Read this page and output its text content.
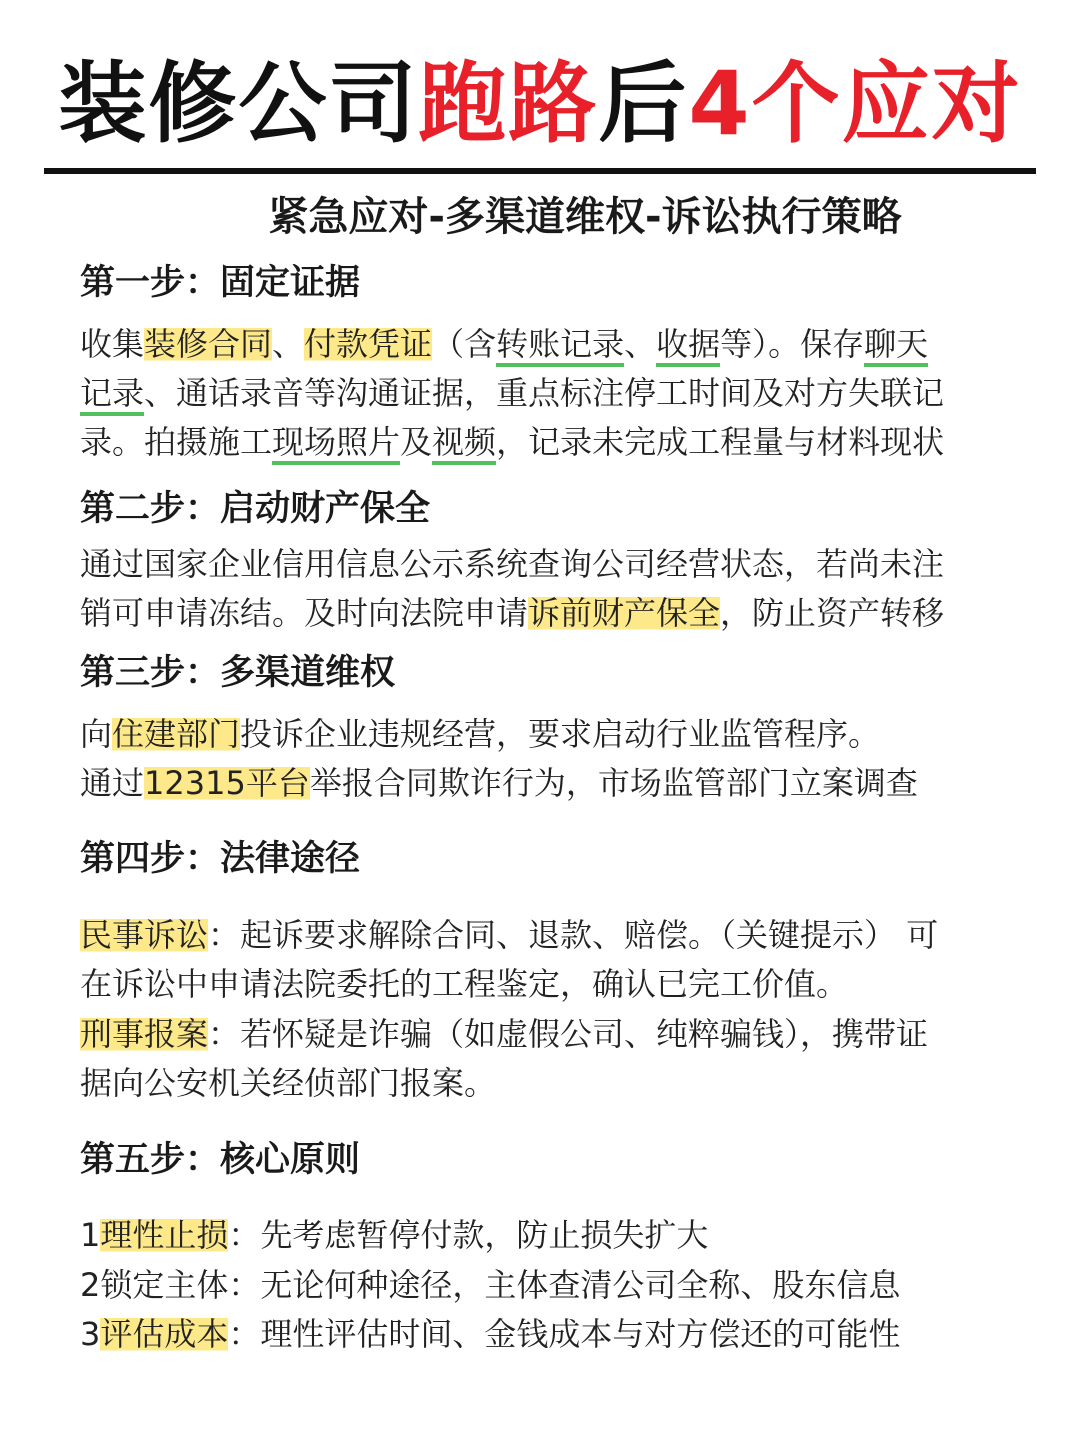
装修公司跑路后4个应对
紧急应对-多渠道维权-诉讼执行策略
第一步：固定证据
收集装修合同、付款凭证（含转账记录、收据等）。保存聊天
记录、通话录音等沟通证据，重点标注停工时间及对方失联记
录。拍摄施工现场照片及视频，记录未完成工程量与材料现状
第二步：启动财产保全
通过国家企业信用信息公示系统查询公司经营状态，若尚未注
销可申请冻结。及时向法院申请诉前财产保全，防止资产转移
第三步：多渠道维权
向住建部门投诉企业违规经营，要求启动行业监管程序。
通过12315平台举报合同欺诈行为，市场监管部门立案调查
第四步：法律途径
民事诉讼：起诉要求解除合同、退款、赔偿。（关键提示） 可
在诉讼中申请法院委托的工程鉴定，确认已完工价值。
刑事报案：若怀疑是诈骗（如虚假公司、纯粹骗钱），携带证
据向公安机关经侦部门报案。
第五步：核心原则
1理性止损：先考虑暂停付款，防止损失扩大
2锁定主体：无论何种途径，主体查清公司全称、股东信息
3评估成本：理性评估时间、金钱成本与对方偿还的可能性
